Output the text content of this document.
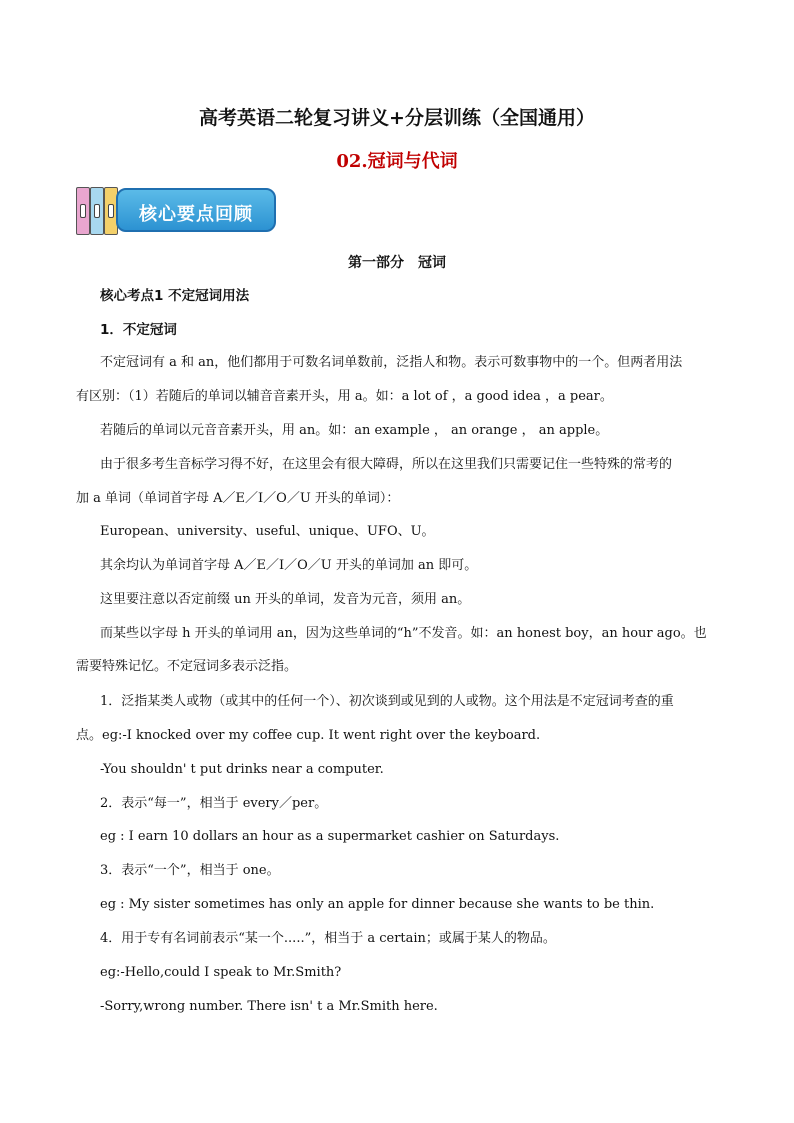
高考英语二轮复习讲义+分层训练（全国通用）
02.冠词与代词
核心要点回顾
第一部分　冠词
核心考点1 不定冠词用法
1．不定冠词
不定冠词有 a 和 an，他们都用于可数名词单数前，泛指人和物。表示可数事物中的一个。但两者用法
有区别：（1）若随后的单词以辅音音素开头，用 a。如：a lot of ，a good idea ，a pear。
若随后的单词以元音音素开头，用 an。如：an example ， an orange ， an apple。
由于很多考生音标学习得不好，在这里会有很大障碍，所以在这里我们只需要记住一些特殊的常考的
加 a 单词（单词首字母 A／E／I／O／U 开头的单词）：
European、university、useful、unique、UFO、U。
其余均认为单词首字母 A／E／I／O／U 开头的单词加 an 即可。
这里要注意以否定前缀 un 开头的单词，发音为元音，须用 an。
而某些以字母 h 开头的单词用 an，因为这些单词的“h”不发音。如：an honest boy，an hour ago。也
需要特殊记忆。不定冠词多表示泛指。
1．泛指某类人或物（或其中的任何一个）、初次谈到或见到的人或物。这个用法是不定冠词考查的重
点。eg:-I knocked over my coffee cup. It went right over the keyboard.
-You shouldn' t put drinks near a computer.
2．表示“每一”，相当于 every／per。
eg : I earn 10 dollars an hour as a supermarket cashier on Saturdays.
3．表示“一个”，相当于 one。
eg : My sister sometimes has only an apple for dinner because she wants to be thin.
4．用于专有名词前表示“某一个.....”，相当于 a certain；或属于某人的物品。
eg:-Hello,could I speak to Mr.Smith?
-Sorry,wrong number. There isn' t a Mr.Smith here.
